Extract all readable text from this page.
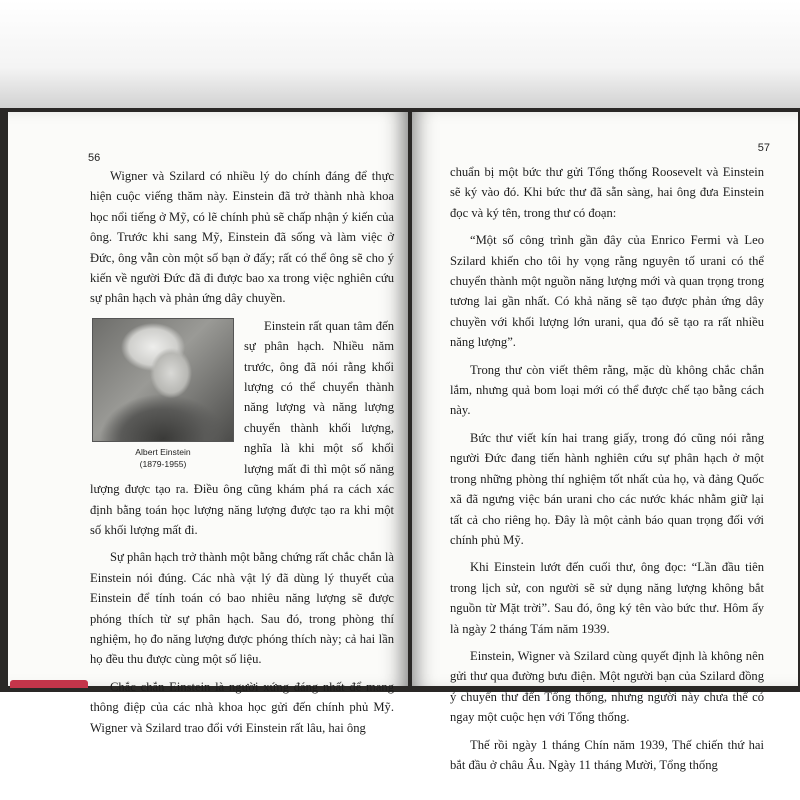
56

Wigner và Szilard có nhiều lý do chính đáng để thực hiện cuộc viếng thăm này. Einstein đã trở thành nhà khoa học nổi tiếng ở Mỹ, có lẽ chính phủ sẽ chấp nhận ý kiến của ông. Trước khi sang Mỹ, Einstein đã sống và làm việc ở Đức, ông vẫn còn một số bạn ở đấy; rất có thể ông sẽ cho ý kiến về người Đức đã đi được bao xa trong việc nghiên cứu sự phân hạch và phản ứng dây chuyền.

Albert Einstein
(1879-1955)

Einstein rất quan tâm đến sự phân hạch. Nhiều năm trước, ông đã nói rằng khối lượng có thể chuyển thành năng lượng và năng lượng chuyển thành khối lượng, nghĩa là khi một số khối lượng mất đi thì một số năng lượng được tạo ra. Điều ông cũng khám phá ra cách xác định bằng toán học lượng năng lượng được tạo ra khi một số khối lượng mất đi.

Sự phân hạch trở thành một bằng chứng rất chắc chắn là Einstein nói đúng. Các nhà vật lý đã dùng lý thuyết của Einstein để tính toán có bao nhiêu năng lượng sẽ được phóng thích từ sự phân hạch. Sau đó, trong phòng thí nghiệm, họ đo năng lượng được phóng thích này; cả hai lần họ đều thu được cùng một số liệu.

Chắc chắn Einstein là người xứng đáng nhất để mang thông điệp của các nhà khoa học gửi đến chính phủ Mỹ. Wigner và Szilard trao đổi với Einstein rất lâu, hai ông

57

chuẩn bị một bức thư gửi Tổng thống Roosevelt và Einstein sẽ ký vào đó. Khi bức thư đã sẵn sàng, hai ông đưa Einstein đọc và ký tên, trong thư có đoạn:

“Một số công trình gần đây của Enrico Fermi và Leo Szilard khiến cho tôi hy vọng rằng nguyên tố urani có thể chuyển thành một nguồn năng lượng mới và quan trọng trong tương lai gần nhất. Có khả năng sẽ tạo được phản ứng dây chuyền với khối lượng lớn urani, qua đó sẽ tạo ra rất nhiều năng lượng”.

Trong thư còn viết thêm rằng, mặc dù không chắc chắn lắm, nhưng quả bom loại mới có thể được chế tạo bằng cách này.

Bức thư viết kín hai trang giấy, trong đó cũng nói rằng người Đức đang tiến hành nghiên cứu sự phân hạch ở một trong những phòng thí nghiệm tốt nhất của họ, và đảng Quốc xã đã ngưng việc bán urani cho các nước khác nhằm giữ lại tất cả cho riêng họ. Đây là một cảnh báo quan trọng đối với chính phủ Mỹ.

Khi Einstein lướt đến cuối thư, ông đọc: “Lần đầu tiên trong lịch sử, con người sẽ sử dụng năng lượng không bắt nguồn từ Mặt trời”. Sau đó, ông ký tên vào bức thư. Hôm ấy là ngày 2 tháng Tám năm 1939.

Einstein, Wigner và Szilard cùng quyết định là không nên gửi thư qua đường bưu điện. Một người bạn của Szilard đồng ý chuyển thư đến Tổng thống, nhưng người này chưa thể có ngay một cuộc hẹn với Tổng thống.

Thế rồi ngày 1 tháng Chín năm 1939, Thế chiến thứ hai bắt đầu ở châu Âu. Ngày 11 tháng Mười, Tổng thống
